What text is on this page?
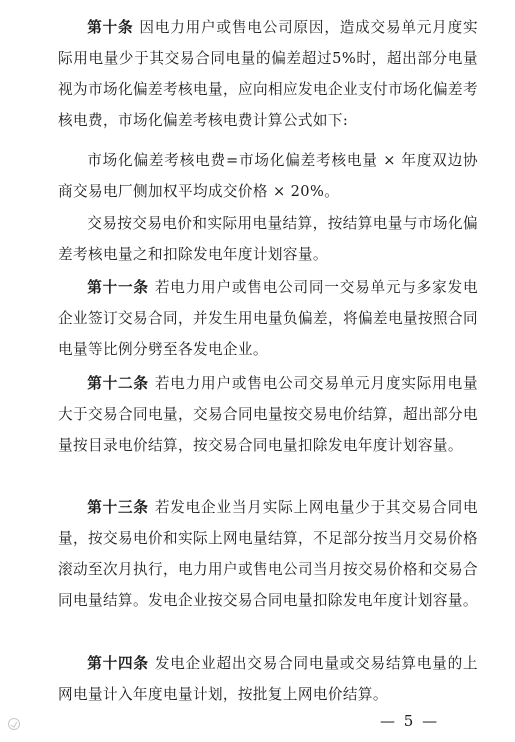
第十条 因电力用户或售电公司原因，造成交易单元月度实际用电量少于其交易合同电量的偏差超过5%时，超出部分电量视为市场化偏差考核电量，应向相应发电企业支付市场化偏差考核电费，市场化偏差考核电费计算公式如下:

市场化偏差考核电费=市场化偏差考核电量 × 年度双边协商交易电厂侧加权平均成交价格 × 20%。

交易按交易电价和实际用电量结算，按结算电量与市场化偏差考核电量之和扣除发电年度计划容量。

第十一条 若电力用户或售电公司同一交易单元与多家发电企业签订交易合同，并发生用电量负偏差，将偏差电量按照合同电量等比例分劈至各发电企业。

第十二条 若电力用户或售电公司交易单元月度实际用电量大于交易合同电量，交易合同电量按交易电价结算，超出部分电量按目录电价结算，按交易合同电量扣除发电年度计划容量。

第十三条 若发电企业当月实际上网电量少于其交易合同电量，按交易电价和实际上网电量结算，不足部分按当月交易价格滚动至次月执行，电力用户或售电公司当月按交易价格和交易合同电量结算。发电企业按交易合同电量扣除发电年度计划容量。

第十四条 发电企业超出交易合同电量或交易结算电量的上网电量计入年度电量计划，按批复上网电价结算。

— 5 —
